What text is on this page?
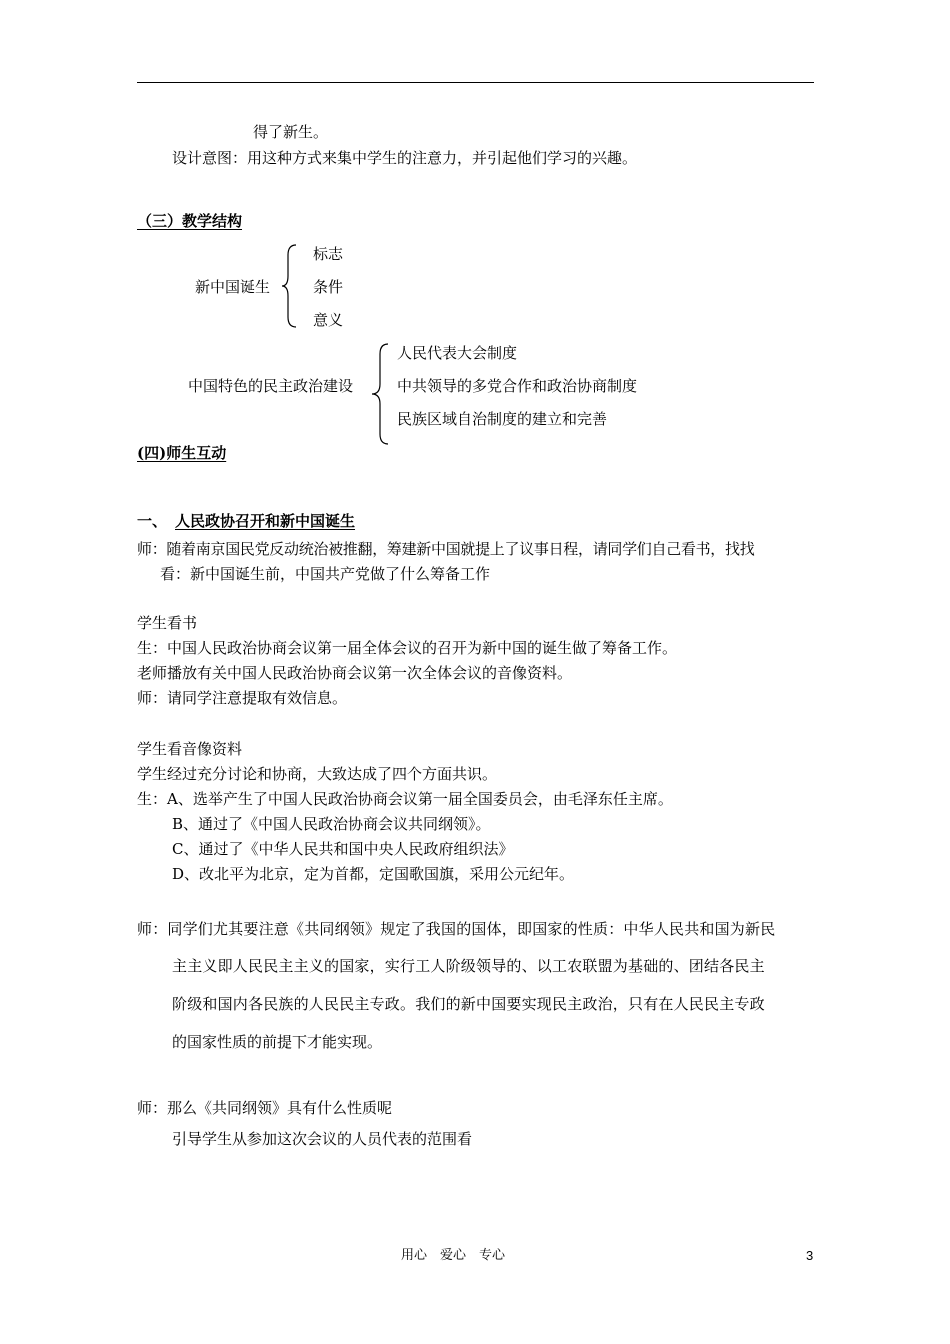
得了新生。
设计意图：用这种方式来集中学生的注意力，并引起他们学习的兴趣。
（三）教学结构
新中国诞生
标志
条件
意义
中国特色的民主政治建设
人民代表大会制度
中共领导的多党合作和政治协商制度
民族区域自治制度的建立和完善
(四)师生互动
一、 人民政协召开和新中国诞生
师：随着南京国民党反动统治被推翻，筹建新中国就提上了议事日程，请同学们自己看书，找找
看：新中国诞生前，中国共产党做了什么筹备工作
学生看书
生：中国人民政治协商会议第一届全体会议的召开为新中国的诞生做了筹备工作。
老师播放有关中国人民政治协商会议第一次全体会议的音像资料。
师：请同学注意提取有效信息。
学生看音像资料
学生经过充分讨论和协商，大致达成了四个方面共识。
生：A、选举产生了中国人民政治协商会议第一届全国委员会，由毛泽东任主席。
B、通过了《中国人民政治协商会议共同纲领》。
C、通过了《中华人民共和国中央人民政府组织法》
D、改北平为北京，定为首都，定国歌国旗，采用公元纪年。
师：同学们尤其要注意《共同纲领》规定了我国的国体，即国家的性质：中华人民共和国为新民
主主义即人民民主主义的国家，实行工人阶级领导的、以工农联盟为基础的、团结各民主
阶级和国内各民族的人民民主专政。我们的新中国要实现民主政治，只有在人民民主专政
的国家性质的前提下才能实现。
师：那么《共同纲领》具有什么性质呢
引导学生从参加这次会议的人员代表的范围看
用心　爱心　专心	3
